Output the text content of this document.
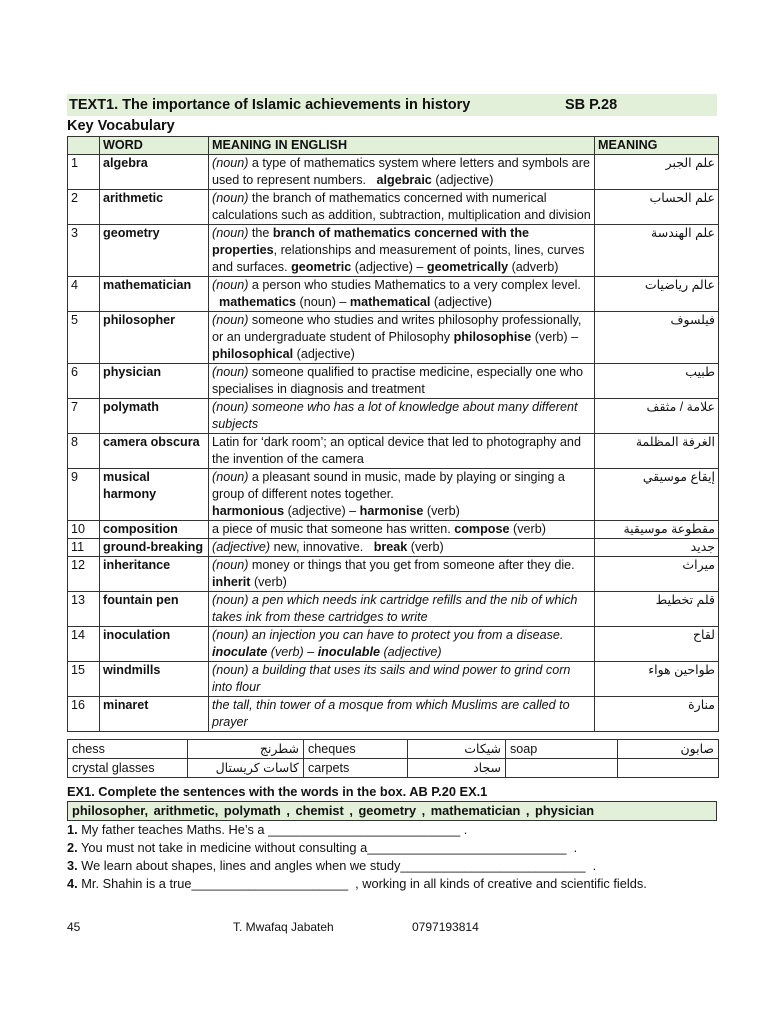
TEXT1. The importance of Islamic achievements in history	SB P.28
Key Vocabulary
	WORD	MEANING IN ENGLISH	MEANING
1	algebra	(noun) a type of mathematics system where letters and symbols are used to represent numbers.   algebraic (adjective)	علم الجبر
2	arithmetic	(noun) the branch of mathematics concerned with numerical calculations such as addition, subtraction, multiplication and division	علم الحساب
3	geometry	(noun) the branch of mathematics concerned with the properties, relationships and measurement of points, lines, curves and surfaces. geometric (adjective) – geometrically (adverb)	علم الهندسة
4	mathematician	(noun) a person who studies Mathematics to a very complex level.   mathematics (noun) – mathematical (adjective)	عالم رياضيات
5	philosopher	(noun) someone who studies and writes philosophy professionally, or an undergraduate student of Philosophy philosophise (verb) – philosophical (adjective)	فيلسوف
6	physician	(noun) someone qualified to practise medicine, especially one who specialises in diagnosis and treatment	طبيب
7	polymath	(noun) someone who has a lot of knowledge about many different subjects	علامة / مثقف
8	camera obscura	Latin for ‘dark room’; an optical device that led to photography and the invention of the camera	الغرفة المظلمة
9	musical harmony	(noun) a pleasant sound in music, made by playing or singing a group of different notes together.
harmonious (adjective) – harmonise (verb)	إيقاع موسيقي
10	composition	a piece of music that someone has written. compose (verb)	مقطوعة موسيقية
11	ground-breaking	(adjective) new, innovative.   break (verb)	جديد
12	inheritance	(noun) money or things that you get from someone after they die. inherit (verb)	ميراث
13	fountain pen	(noun) a pen which needs ink cartridge refills and the nib of which takes ink from these cartridges to write	قلم تخطيط
14	inoculation	(noun) an injection you can have to protect you from a disease.
inoculate (verb) – inoculable (adjective)	لقاح
15	windmills	(noun) a building that uses its sails and wind power to grind corn into flour	طواحين هواء
16	minaret	the tall, thin tower of a mosque from which Muslims are called to prayer	منارة
chess	شطرنج	cheques	شيكات	soap	صابون
crystal glasses	كاسات كريستال	carpets	سجاد		
EX1. Complete the sentences with the words in the box. AB P.20 EX.1
philosopher, arithmetic, polymath , chemist , geometry , mathematician , physician
1. My father teaches Maths. He’s a ___________________________ .
2. You must not take in medicine without consulting a____________________________  .
3. We learn about shapes, lines and angles when we study__________________________  .
4. Mr. Shahin is a true______________________  , working in all kinds of creative and scientific fields.
45	T. Mwafaq Jabateh	0797193814
